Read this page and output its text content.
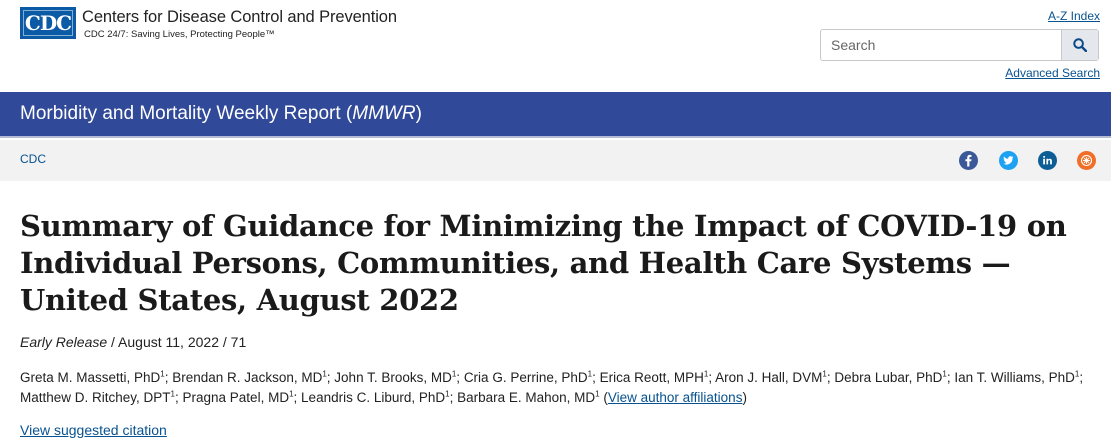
CDC Centers for Disease Control and Prevention
CDC 24/7: Saving Lives, Protecting People™
A-Z Index
Search
Advanced Search
Morbidity and Mortality Weekly Report (MMWR)
CDC
Summary of Guidance for Minimizing the Impact of COVID-19 on Individual Persons, Communities, and Health Care Systems — United States, August 2022
Early Release / August 11, 2022 / 71
Greta M. Massetti, PhD$^1$; Brendan R. Jackson, $MD^1$; John T. Brooks, $MD^1$; Cria G. Perrine, PhD$^1$; Erica Reott, MPH$^1$; Aron J. Hall, DVM$^1$; Debra Lubar, PhD$^1$; Ian T. Williams, PhD$^1$; Matthew D. Ritchey, DPT$^1$; Pragna Patel, $MD^1$; Leandris C. Liburd, PhD$^1$; Barbara E. Mahon, $MD^1$ (View author affiliations)
View suggested citation
